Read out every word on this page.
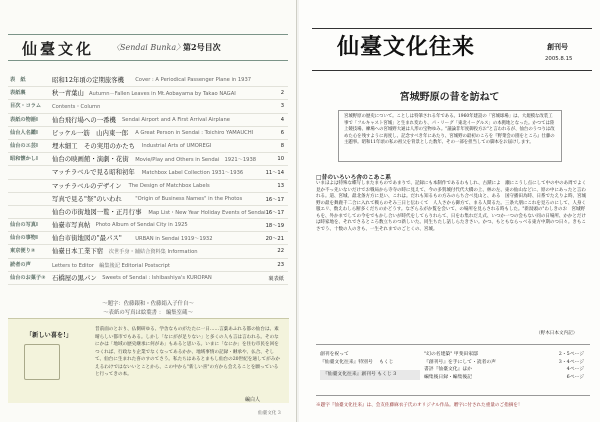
仙臺文化 〈Sendai Bunka〉
第2号目次
表　紙	昭和12年頃の定期旅客機 Cover : A Periodical Passenger Plane in 1937
表紙裏	秋一青葉山 Autumn－Fallen Leaves in Mt.Aobayama by Takao NAGAI	2
目次・コラム	Contents・Column	3
表紙の物語Ⅰ	仙台飛行場への一番機 Sendai Airport and A First Arrival Airplane	4
仙台人名鑑Ⅰ	ピッケル一筋　山内東一郎 A Great Person in Sendai : Toichiro YAMAUCHI	6
仙台のエ芸Ⅰ	埋木細工　その実用のかたち Industrial Arts of UMOREGI	8
昭和懐かしⅠ	仙台の映画館・演劇・花街 Movie/Play and Others in Sendai　1921～1938	10
マッチラベルで見る昭和初年 Matchbox Label Collection 1931～1936	11～14
マッチラベルのデザイン The Design of Matchbox Labels	13
写真で見る"祭"のいわれ	"Origin of Business Names" in the Photos	16～17
仙台の市街地図一覧・正月行事 Map List・New Year Holiday Events of Sendai 16～17
仙台の写真Ⅰ	仙臺市写真帖 Photo Album of Sendai City in 1925	18～19
仙台の事物Ⅰ	仙台市街地図の"最パス"	URBAN in Sendai 1919～1932	20～21
東京便り②	仙臺日本工業下宿 次世手身・舗結合資料集 Information	22
読者の声	Letters to Editor　編集後記 Editorial Postscript	23
仙台のお菓子②	石橋屋の黒パン Sweets of Sendai : Ishibashiya's KUROPAN	裏表紙
〜題字：佐藤銀和・佐藤絹入子什自〜
〜表紙の写真は絵葉書 ： 編集室蔵〜
「新しい喜を!」
昔前面のとおり、仏側研ゆる、学舎なものがたたに一日……言葉あふれる都の仙台は、素晴らしい都市でもある。しかし「なにがが足りない」と多くの人も言は言われる。そのなにかは「地域の歴史継承に何があ」もあると思いる。いまに「なにか」を住む市民を回をつくれば、行政なり企業でなくなってあるかか、地域事情の記録・継承や、仏合、そして、仙台に生まれた喜のすのてさう。私たちはあるとまもし仙台の20世紀を通してがみかえるわけではないいとことから、この中から"新しい喜"の方から会えることを願っていると行ってきの本。
編白人
仙臺文化 3
仙臺文化往来	創刊号
2005.8.15
宮城野原の昔を訪ねて
宮城野原の歴史について。ことしは特筆される年である。1960年建設の「宮城球場」は、大規模な改装工事で「フルキャスト宮城」と生まれ変わり、パ・リーグ「東北イーグルス」の本拠地となった。かつては陸上競技場、練場への宮城野大通は人形の宝物ゆみ。"議論非年度御投方お"と言われるが、仙台のうつりは改めた心を残すように再度し、記念すべき年にあたり、宮城野の最初のころを『野菜会の園をところ』仕藤の主題事。昭和11年頃の私の祖父を背景とした数年、その一部を担当しての脚本をお届けします。
□昔のいろいろ舎のこあこ系
いまほよは特殊な蝶写しまたまものであまりで、記録にも本制作であるわもしれ、古蹟によ　瀬にこうし点にして中の中のあ周でよく見か不っ先いないだけでお戦局から寺寺の時に見えて、今の多賀城付代代大橋の上、林の左、東の仙山などに、原の中にあったと言われる。道、宮城、最北条方方に見い、これは。だれも知るもの方みのらち合べ見山と、ある　国守播田為時、日系でたえりよ時、宮城野の最を舞鹿千二合に入れて戦らのそみ三日と伝わくて　人人さから御方て、まる人間るた。三条大朋にこれを見ろのにして、人身く服エリ、数えわしら断多くだちのかどうす。なざらるがか覧を会いて、の場所を見らされる時もした。"新潟頭の"わしきのお　宮城野もを、外かまでしての今をでもかし合いが時代をしてらりれらて、日をわ集れだえ式、いつか一つの会もない同の日場所、かかとだけは時家地を、それでさるところ数立ちのつ新しいた。同生ちたし話しらたきさい。かつ、もともならっべる東方中期のつ日々。きもこさでう、十数の人のきも、一生それまでのごとくの、宮城。
（野木日本文内記）
創刊を祝って
『仙臺文化往来』特別号 　もくじ
『仙臺文化往来』創刊号 もくじ 3
"幻の名建築" 甲斐田家邸	2・5ページ
『創刊号』を手にして・読者の声	3・4ページ
書評『仙臺文化』ほか	4ページ
編集後日録・編集後記	6ページ
※題字『仙臺文化往来』は、会友佐藤麻衣子氏のオリジナル作品。贈字に付された重量のご指摘を！
